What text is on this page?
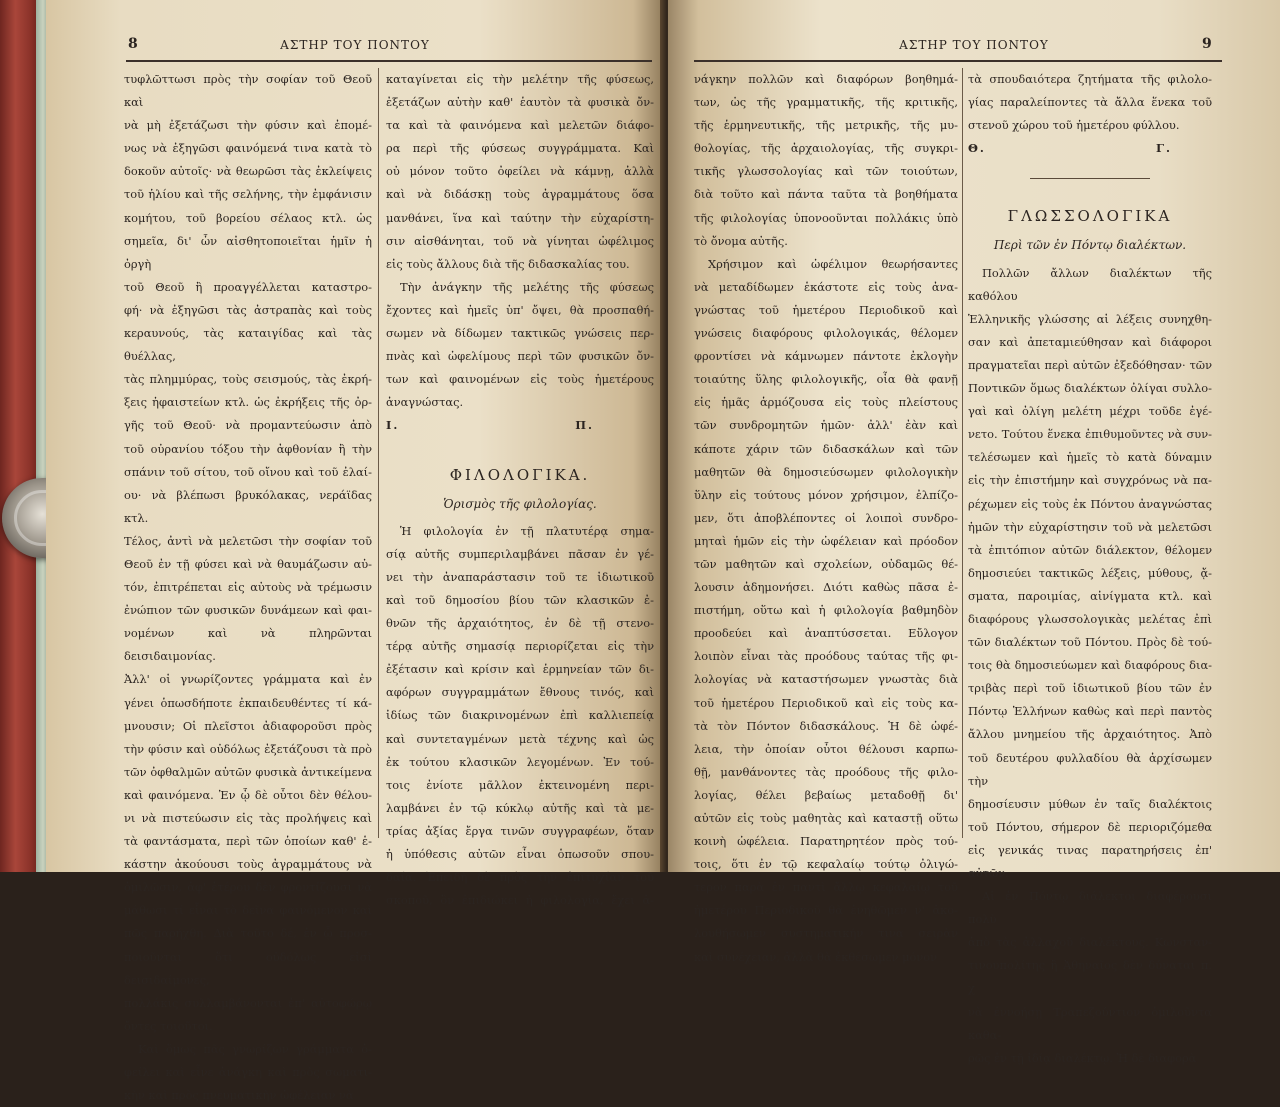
8	ΑΣΤΗΡ ΤΟΥ ΠΟΝΤΟΥ

τυφλῶττωσι πρὸς τὴν σοφίαν τοῦ Θεοῦ καὶ

νὰ μὴ ἐξετάζωσι τὴν φύσιν καὶ ἐπομέ-

νως νὰ ἐξηγῶσι φαινόμενά τινα κατὰ τὸ

δοκοῦν αὐτοῖς· νὰ θεωρῶσι τὰς ἐκλείψεις

τοῦ ἡλίου καὶ τῆς σελήνης, τὴν ἐμφάνισιν

κομήτου, τοῦ βορείου σέλαος κτλ. ὡς

σημεῖα, δι' ὧν αἰσθητοποιεῖται ἡμῖν ἡ ὀργὴ

τοῦ Θεοῦ ἢ προαγγέλλεται καταστρο-

φή· νὰ ἐξηγῶσι τὰς ἀστραπὰς καὶ τοὺς

κεραυνούς, τὰς καταιγίδας καὶ τὰς θυέλλας,

τὰς πλημμύρας, τοὺς σεισμούς, τὰς ἐκρή-

ξεις ἡφαιστείων κτλ. ὡς ἐκρήξεις τῆς ὀρ-

γῆς τοῦ Θεοῦ· νὰ προμαντεύωσιν ἀπὸ

τοῦ οὐρανίου τόξου τὴν ἀφθονίαν ἢ τὴν

σπάνιν τοῦ σίτου, τοῦ οἴνου καὶ τοῦ ἐλαί-

ου· νὰ βλέπωσι βρυκόλακας, νεράϊδας κτλ.

Τέλος, ἀντὶ νὰ μελετῶσι τὴν σοφίαν τοῦ

Θεοῦ ἐν τῇ φύσει καὶ νὰ θαυμάζωσιν αὐ-

τόν, ἐπιτρέπεται εἰς αὐτοὺς νὰ τρέμωσιν

ἐνώπιον τῶν φυσικῶν δυνάμεων καὶ φαι-

νομένων καὶ νὰ πληρῶνται δεισιδαιμονίας.

Ἀλλ' οἱ γνωρίζοντες γράμματα καὶ ἐν

γένει ὁπωσδήποτε ἐκπαιδευθέντες τί κά-

μνουσιν; Οἱ πλεῖστοι ἀδιαφοροῦσι πρὸς

τὴν φύσιν καὶ οὐδόλως ἐξετάζουσι τὰ πρὸ

τῶν ὀφθαλμῶν αὐτῶν φυσικὰ ἀντικείμενα

καὶ φαινόμενα. Ἐν ᾧ δὲ οὗτοι δὲν θέλου-

νι νὰ πιστεύωσιν εἰς τὰς προλήψεις καὶ

τὰ φαντάσματα, περὶ τῶν ὁποίων καθ' ἑ-

κάστην ἀκούουσι τοὺς ἀγραμμάτους νὰ

ὁμιλῶσιν, ἀφ' ἑτέρου δὲν φροντίζουσι νὰ

μάθωσι τί εἶναι τὸ δεῖνα φαινόμενον καὶ

πῶς παρήχθη. Διὰ τοῦτο δέ, ἐν ᾧ προσ-

ποιοῦνται ὅτι οὐδόλως εἰσὶ δεισιδαίμονες,

πολλάκις συλλαμβάνονται ἐπ' αὐτοφώρῳ

ὄντες τοιοῦτοι.

Καὶ ὅμως πᾶς γνωρίζων γράμματα ὀ-

φείλει καὶ εἶνε ἀνάγκη καὶ πρὸς σωματι-

κὴν καὶ πρὸς πνευματικὴν ὠφέλειαν νὰ

καταγίνεται εἰς τὴν μελέτην τῆς φύσεως,

ἐξετάζων αὐτὴν καθ' ἑαυτὸν τὰ φυσικὰ ὄν-

τα καὶ τὰ φαινόμενα καὶ μελετῶν διάφο-

ρα περὶ τῆς φύσεως συγγράμματα. Καὶ

οὐ μόνον τοῦτο ὀφείλει νὰ κάμνῃ, ἀλλὰ

καὶ νὰ διδάσκῃ τοὺς ἀγραμμάτους ὅσα

μανθάνει, ἵνα καὶ ταύτην τὴν εὐχαρίστη-

σιν αἰσθάνηται, τοῦ νὰ γίνηται ὠφέλιμος

εἰς τοὺς ἄλλους διὰ τῆς διδασκαλίας του.

Τὴν ἀνάγκην τῆς μελέτης τῆς φύσεως

ἔχοντες καὶ ἡμεῖς ὑπ' ὄψει, θὰ προσπαθή-

σωμεν νὰ δίδωμεν τακτικῶς γνώσεις περ-

πνὰς καὶ ὠφελίμους περὶ τῶν φυσικῶν ὄν-

των καὶ φαινομένων εἰς τοὺς ἡμετέρους

ἀναγνώστας.

Ι. Π.

ΦΙΛΟΛΟΓΙΚΑ.
Ὁρισμὸς τῆς φιλολογίας.

Ἡ φιλολογία ἐν τῇ πλατυτέρᾳ σημα-

σίᾳ αὐτῆς συμπεριλαμβάνει πᾶσαν ἐν γέ-

νει τὴν ἀναπαράστασιν τοῦ τε ἰδιωτικοῦ

καὶ τοῦ δημοσίου βίου τῶν κλασικῶν ἐ-

θνῶν τῆς ἀρχαιότητος, ἐν δὲ τῇ στενο-

τέρᾳ αὐτῆς σημασίᾳ περιορίζεται εἰς τὴν

ἐξέτασιν καὶ κρίσιν καὶ ἑρμηνείαν τῶν δι-

αφόρων συγγραμμάτων ἔθνους τινός, καὶ

ἰδίως τῶν διακρινομένων ἐπὶ καλλιεπείᾳ

καὶ συντεταγμένων μετὰ τέχνης καὶ ὡς

ἐκ τούτου κλασικῶν λεγομένων. Ἐν τού-

τοις ἐνίοτε μᾶλλον ἐκτεινομένη περι-

λαμβάνει ἐν τῷ κύκλῳ αὐτῆς καὶ τὰ με-

τρίας ἀξίας ἔργα τινῶν συγγραφέων, ὅταν

ἡ ὑπόθεσις αὐτῶν εἶναι ὁπωσοῦν σπου-

δαία. Ἐπειδὴ δὲ πρὸς τὴν ἐπιτυχίαν τοῦ

σκοποῦ, ὃν ἐπιδιώκει ἡ φιλολογία, ἔχει ἀ-

ΑΣΤΗΡ ΤΟΥ ΠΟΝΤΟΥ	9

νάγκην πολλῶν καὶ διαφόρων βοηθημά-

των, ὡς τῆς γραμματικῆς, τῆς κριτικῆς,

τῆς ἑρμηνευτικῆς, τῆς μετρικῆς, τῆς μυ-

θολογίας, τῆς ἀρχαιολογίας, τῆς συγκρι-

τικῆς γλωσσολογίας καὶ τῶν τοιούτων,

διὰ τοῦτο καὶ πάντα ταῦτα τὰ βοηθήματα

τῆς φιλολογίας ὑπονοοῦνται πολλάκις ὑπὸ

τὸ ὄνομα αὐτῆς.

Χρήσιμον καὶ ὠφέλιμον θεωρήσαντες

νὰ μεταδίδωμεν ἑκάστοτε εἰς τοὺς ἀνα-

γνώστας τοῦ ἡμετέρου Περιοδικοῦ καὶ

γνώσεις διαφόρους φιλολογικάς, θέλομεν

φροντίσει νὰ κάμνωμεν πάντοτε ἐκλογὴν

τοιαύτης ὕλης φιλολογικῆς, οἷα θὰ φανῇ

εἰς ἡμᾶς ἁρμόζουσα εἰς τοὺς πλείστους

τῶν συνδρομητῶν ἡμῶν· ἀλλ' ἐὰν καὶ

κάποτε χάριν τῶν διδασκάλων καὶ τῶν

μαθητῶν θὰ δημοσιεύσωμεν φιλολογικὴν

ὕλην εἰς τούτους μόνον χρήσιμον, ἐλπίζο-

μεν, ὅτι ἀποβλέποντες οἱ λοιποὶ συνδρο-

μηταὶ ἡμῶν εἰς τὴν ὠφέλειαν καὶ πρόοδον

τῶν μαθητῶν καὶ σχολείων, οὐδαμῶς θέ-

λουσιν ἀδημονήσει. Διότι καθὼς πᾶσα ἐ-

πιστήμη, οὕτω καὶ ἡ φιλολογία βαθμηδὸν

προοδεύει καὶ ἀναπτύσσεται. Εὔλογον

λοιπὸν εἶναι τὰς προόδους ταύτας τῆς φι-

λολογίας νὰ καταστήσωμεν γνωστὰς διὰ

τοῦ ἡμετέρου Περιοδικοῦ καὶ εἰς τοὺς κα-

τὰ τὸν Πόντον διδασκάλους. Ἡ δὲ ὠφέ-

λεια, τὴν ὁποίαν οὗτοι θέλουσι καρπω-

θῇ, μανθάνοντες τὰς προόδους τῆς φιλο-

λογίας, θέλει βεβαίως μεταδοθῇ δι'

αὐτῶν εἰς τοὺς μαθητὰς καὶ καταστῇ οὕτω

κοινὴ ὠφέλεια. Παρατηρητέον πρὸς τού-

τοις, ὅτι ἐν τῷ κεφαλαίῳ τούτῳ ὀλιγώ-

τερον παρὰ ἐν παντὶ ἄλλῳ κεφαλαίῳ τοῦ

ἡμετέρου Περιοδικοῦ θὰ ἐνηθῶμεν ν' ἀκο-

λουθήσωμεν συστηματικήν τινα σειρὰν

καὶ συνέχειαν, ἀλλὰ θὰ ἐκθέσωμεν μόνον

τὰ σπουδαιότερα ζητήματα τῆς φιλολο-

γίας παραλείποντες τὰ ἄλλα ἕνεκα τοῦ

στενοῦ χώρου τοῦ ἡμετέρου φύλλου.

Θ. Γ.

ΓΛΩΣΣΟΛΟΓΙΚΑ
Περὶ τῶν ἐν Πόντῳ διαλέκτων.

Πολλῶν ἄλλων διαλέκτων τῆς καθόλου

Ἑλληνικῆς γλώσσης αἱ λέξεις συνηχθη-

σαν καὶ ἀπεταμιεύθησαν καὶ διάφοροι

πραγματεῖαι περὶ αὐτῶν ἐξεδόθησαν· τῶν

Ποντικῶν ὅμως διαλέκτων ὀλίγαι συλλο-

γαὶ καὶ ὀλίγη μελέτη μέχρι τοῦδε ἐγέ-

νετο. Τούτου ἕνεκα ἐπιθυμοῦντες νὰ συν-

τελέσωμεν καὶ ἡμεῖς τὸ κατὰ δύναμιν

εἰς τὴν ἐπιστήμην καὶ συγχρόνως νὰ πα-

ρέχωμεν εἰς τοὺς ἐκ Πόντου ἀναγνώστας

ἡμῶν τὴν εὐχαρίστησιν τοῦ νὰ μελετῶσι

τὰ ἐπιτόπιον αὐτῶν διάλεκτον, θέλομεν

δημοσιεύει τακτικῶς λέξεις, μύθους, ᾄ-

σματα, παροιμίας, αἰνίγματα κτλ. καὶ

διαφόρους γλωσσολογικὰς μελέτας ἐπὶ

τῶν διαλέκτων τοῦ Πόντου. Πρὸς δὲ τού-

τοις θὰ δημοσιεύωμεν καὶ διαφόρους δια-

τριβὰς περὶ τοῦ ἰδιωτικοῦ βίου τῶν ἐν

Πόντῳ Ἑλλήνων καθὼς καὶ περὶ παντὸς

ἄλλου μνημείου τῆς ἀρχαιότητος. Ἀπὸ

τοῦ δευτέρου φυλλαδίου θὰ ἀρχίσωμεν τὴν

δημοσίευσιν μύθων ἐν ταῖς διαλέκτοις

τοῦ Πόντου, σήμερον δὲ περιοριζόμεθα

εἰς γενικάς τινας παρατηρήσεις ἐπ' αὐτῶν.

Αἱ ἐν Πόντῳ διάλεκτοι διαφέρουσι πολὺ

ἀπὸ τὰς ἀλλαχοῦ διαλέκτους. Κωνσταν-

τινουπολίτης ἢ Ἀθηναῖος δὲν δύναται π. χ

νὰ ἐννοήσῃ Τραπεζούντιον ὁμιλοῦντα καθα-

ρῶς ἐν τῇ ἰδίᾳ διαλέκτῳ. Ἡ δὲ διαφορὰ
